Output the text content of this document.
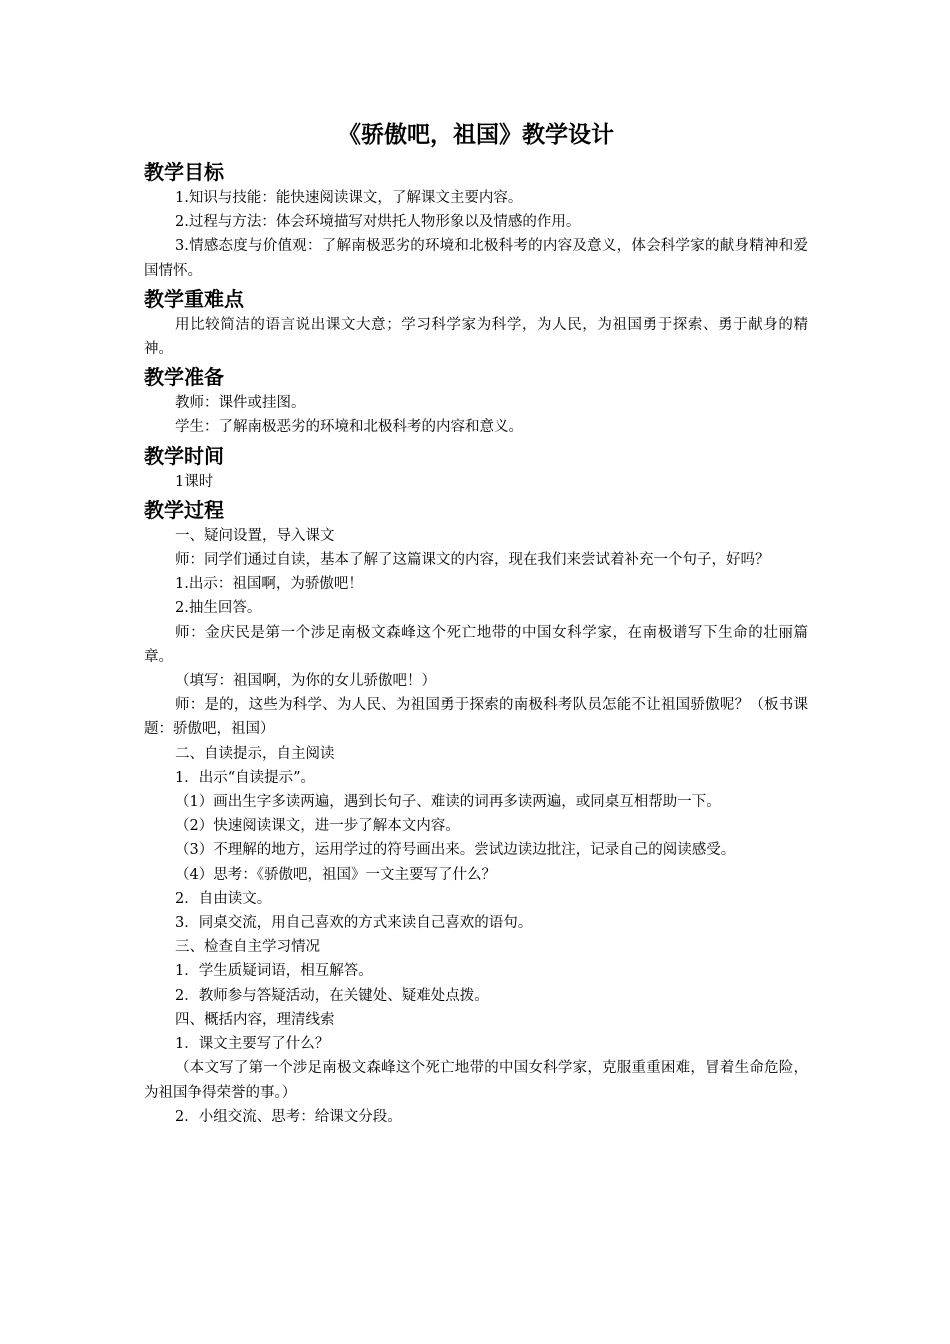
《骄傲吧，祖国》教学设计
教学目标

1.知识与技能：能快速阅读课文，了解课文主要内容。

2.过程与方法：体会环境描写对烘托人物形象以及情感的作用。

3.情感态度与价值观：了解南极恶劣的环境和北极科考的内容及意义，体会科学家的献身精神和爱国情怀。

教学重难点

用比较简洁的语言说出课文大意；学习科学家为科学，为人民，为祖国勇于探索、勇于献身的精神。

教学准备

教师：课件或挂图。

学生：了解南极恶劣的环境和北极科考的内容和意义。

教学时间

1课时

教学过程

一、疑问设置，导入课文

师：同学们通过自读，基本了解了这篇课文的内容，现在我们来尝试着补充一个句子，好吗？

1.出示：祖国啊，为骄傲吧！

2.抽生回答。

师：金庆民是第一个涉足南极文森峰这个死亡地带的中国女科学家，在南极谱写下生命的壮丽篇章。

（填写：祖国啊，为你的女儿骄傲吧！）

师：是的，这些为科学、为人民、为祖国勇于探索的南极科考队员怎能不让祖国骄傲呢？（板书课题：骄傲吧，祖国）

二、自读提示，自主阅读

1．出示“自读提示”。

（1）画出生字多读两遍，遇到长句子、难读的词再多读两遍，或同桌互相帮助一下。

（2）快速阅读课文，进一步了解本文内容。

（3）不理解的地方，运用学过的符号画出来。尝试边读边批注，记录自己的阅读感受。

（4）思考：《骄傲吧，祖国》一文主要写了什么？

2．自由读文。

3．同桌交流，用自己喜欢的方式来读自己喜欢的语句。

三、检查自主学习情况

1．学生质疑词语，相互解答。

2．教师参与答疑活动，在关键处、疑难处点拨。

四、概括内容，理清线索

1．课文主要写了什么？

（本文写了第一个涉足南极文森峰这个死亡地带的中国女科学家，克服重重困难，冒着生命危险，为祖国争得荣誉的事。）

2．小组交流、思考：给课文分段。
